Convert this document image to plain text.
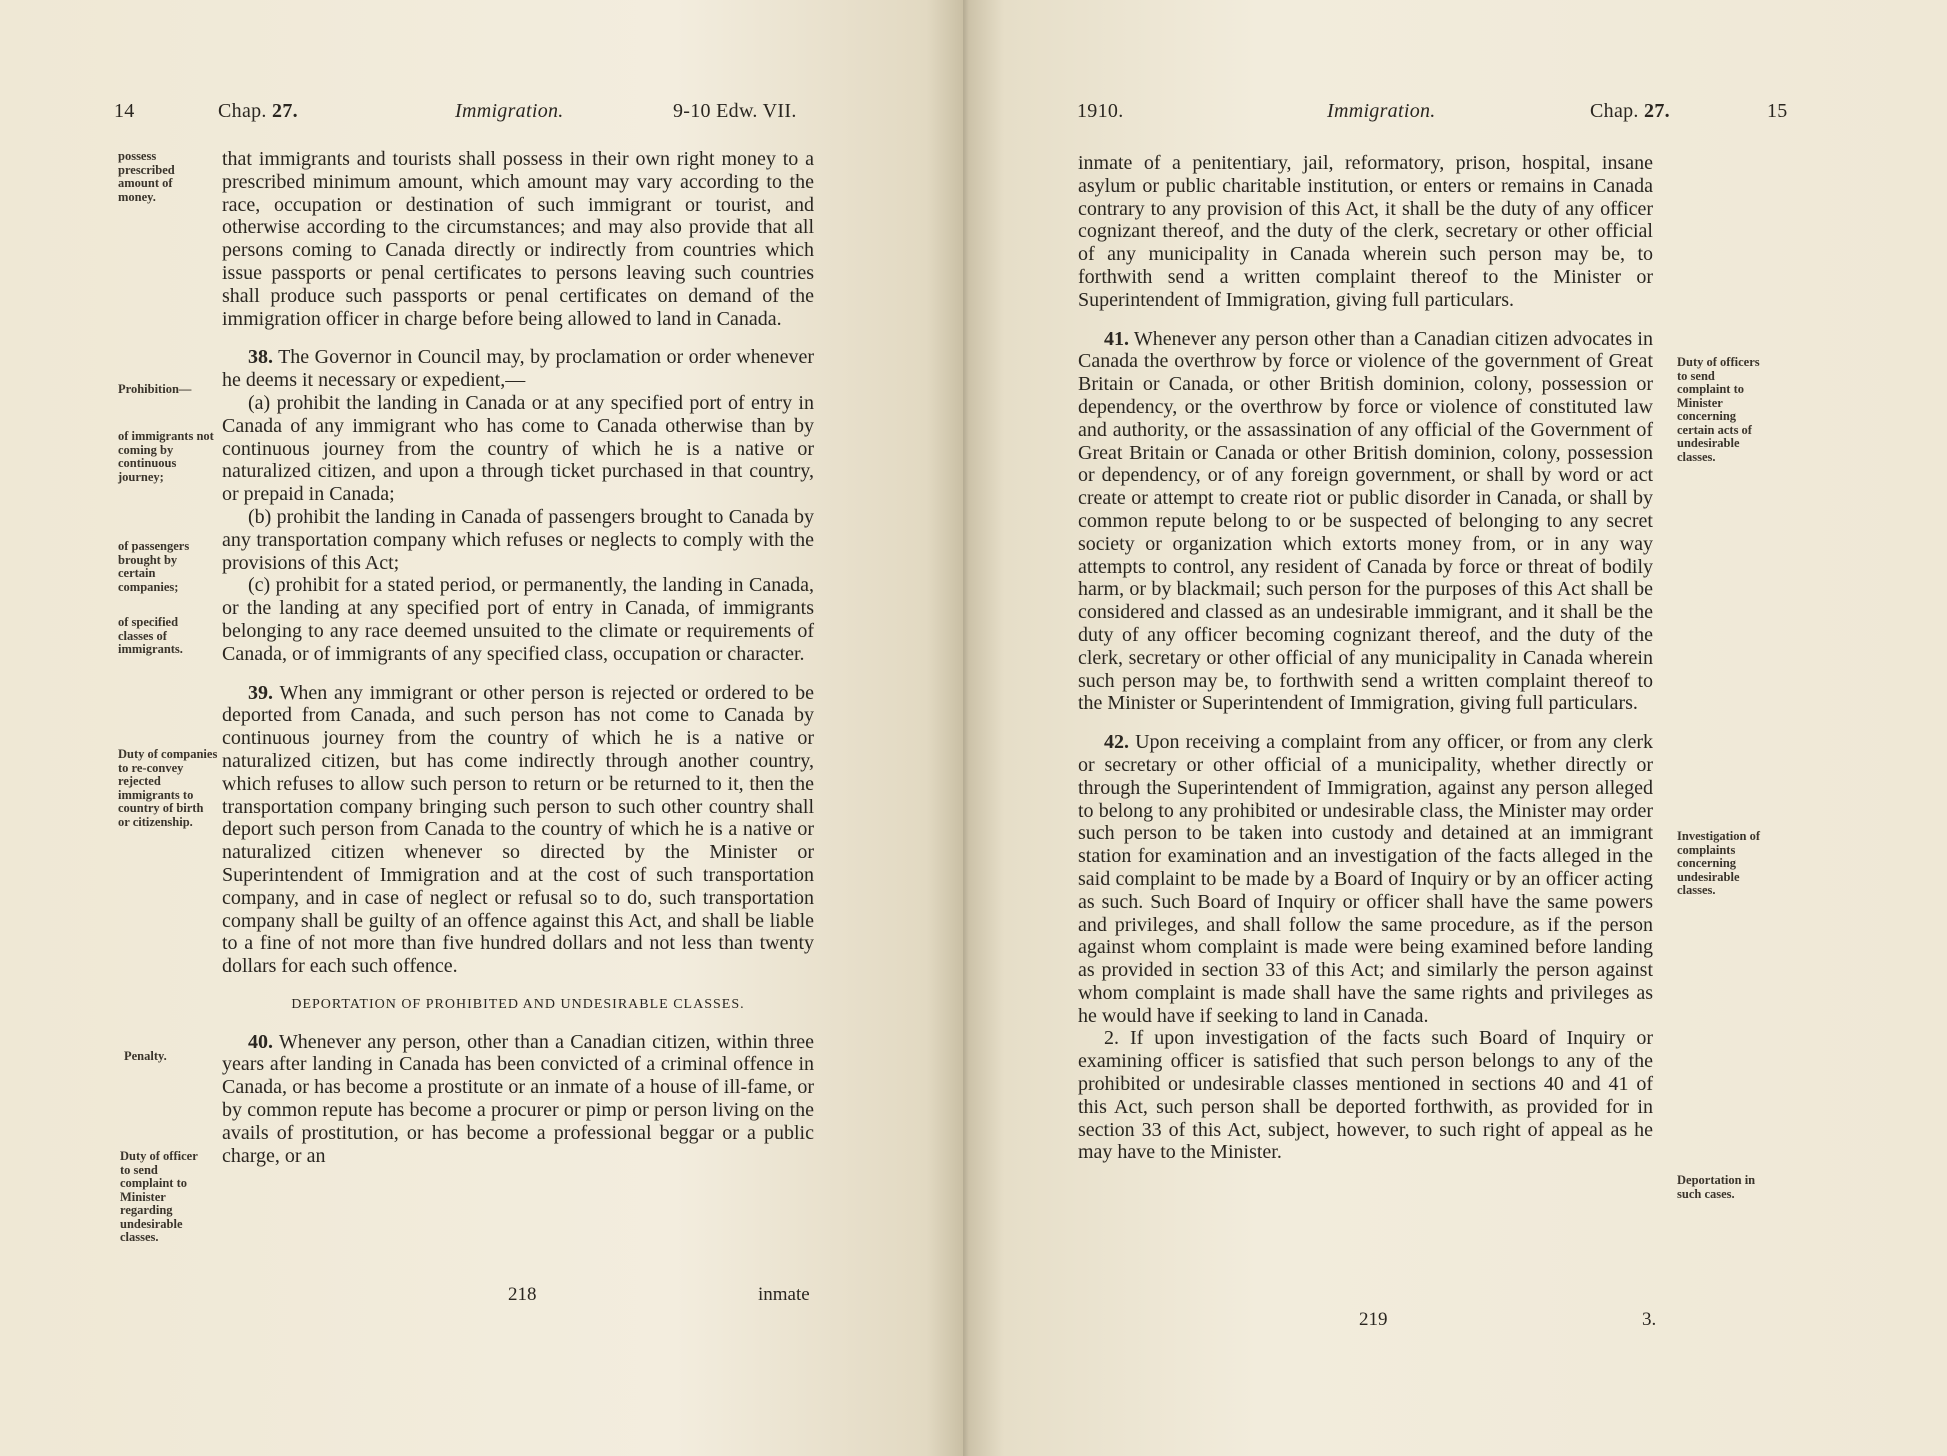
14	Chap. 27.	Immigration.	9-10 Edw. VII.
possess prescribed amount of money.
Prohibition—
of immigrants not coming by continuous journey;
of passengers brought by certain companies;
of specified classes of immigrants.
Duty of companies to re-convey rejected immigrants to country of birth or citizenship.
Penalty.
Duty of officer to send complaint to Minister regarding undesirable classes.

that immigrants and tourists shall possess in their own right money to a prescribed minimum amount, which amount may vary according to the race, occupation or destination of such immigrant or tourist, and otherwise according to the circumstances; and may also provide that all persons coming to Canada directly or indirectly from countries which issue passports or penal certificates to persons leaving such countries shall produce such passports or penal certificates on demand of the immigration officer in charge before being allowed to land in Canada.

38. The Governor in Council may, by proclamation or order whenever he deems it necessary or expedient,—

(a) prohibit the landing in Canada or at any specified port of entry in Canada of any immigrant who has come to Canada otherwise than by continuous journey from the country of which he is a native or naturalized citizen, and upon a through ticket purchased in that country, or prepaid in Canada;

(b) prohibit the landing in Canada of passengers brought to Canada by any transportation company which refuses or neglects to comply with the provisions of this Act;

(c) prohibit for a stated period, or permanently, the landing in Canada, or the landing at any specified port of entry in Canada, of immigrants belonging to any race deemed unsuited to the climate or requirements of Canada, or of immigrants of any specified class, occupation or character.

39. When any immigrant or other person is rejected or ordered to be deported from Canada, and such person has not come to Canada by continuous journey from the country of which he is a native or naturalized citizen, but has come indirectly through another country, which refuses to allow such person to return or be returned to it, then the transportation company bringing such person to such other country shall deport such person from Canada to the country of which he is a native or naturalized citizen whenever so directed by the Minister or Superintendent of Immigration and at the cost of such transportation company, and in case of neglect or refusal so to do, such transportation company shall be guilty of an offence against this Act, and shall be liable to a fine of not more than five hundred dollars and not less than twenty dollars for each such offence.

DEPORTATION OF PROHIBITED AND UNDESIRABLE CLASSES.

40. Whenever any person, other than a Canadian citizen, within three years after landing in Canada has been convicted of a criminal offence in Canada, or has become a prostitute or an inmate of a house of ill-fame, or by common repute has become a procurer or pimp or person living on the avails of prostitution, or has become a professional beggar or a public charge, or an

218	inmate
1910.	Immigration.	Chap. 27.	15

inmate of a penitentiary, jail, reformatory, prison, hospital, insane asylum or public charitable institution, or enters or remains in Canada contrary to any provision of this Act, it shall be the duty of any officer cognizant thereof, and the duty of the clerk, secretary or other official of any municipality in Canada wherein such person may be, to forthwith send a written complaint thereof to the Minister or Superintendent of Immigration, giving full particulars.

41. Whenever any person other than a Canadian citizen advocates in Canada the overthrow by force or violence of the government of Great Britain or Canada, or other British dominion, colony, possession or dependency, or the overthrow by force or violence of constituted law and authority, or the assassination of any official of the Government of Great Britain or Canada or other British dominion, colony, possession or dependency, or of any foreign government, or shall by word or act create or attempt to create riot or public disorder in Canada, or shall by common repute belong to or be suspected of belonging to any secret society or organization which extorts money from, or in any way attempts to control, any resident of Canada by force or threat of bodily harm, or by blackmail; such person for the purposes of this Act shall be considered and classed as an undesirable immigrant, and it shall be the duty of any officer becoming cognizant thereof, and the duty of the clerk, secretary or other official of any municipality in Canada wherein such person may be, to forthwith send a written complaint thereof to the Minister or Superintendent of Immigration, giving full particulars.

42. Upon receiving a complaint from any officer, or from any clerk or secretary or other official of a municipality, whether directly or through the Superintendent of Immigration, against any person alleged to belong to any prohibited or undesirable class, the Minister may order such person to be taken into custody and detained at an immigrant station for examination and an investigation of the facts alleged in the said complaint to be made by a Board of Inquiry or by an officer acting as such. Such Board of Inquiry or officer shall have the same powers and privileges, and shall follow the same procedure, as if the person against whom complaint is made were being examined before landing as provided in section 33 of this Act; and similarly the person against whom complaint is made shall have the same rights and privileges as he would have if seeking to land in Canada.

2. If upon investigation of the facts such Board of Inquiry or examining officer is satisfied that such person belongs to any of the prohibited or undesirable classes mentioned in sections 40 and 41 of this Act, such person shall be deported forthwith, as provided for in section 33 of this Act, subject, however, to such right of appeal as he may have to the Minister.

Duty of officers to send complaint to Minister concerning certain acts of undesirable classes.
Investigation of complaints concerning undesirable classes.
Deportation in such cases.
219	3.
